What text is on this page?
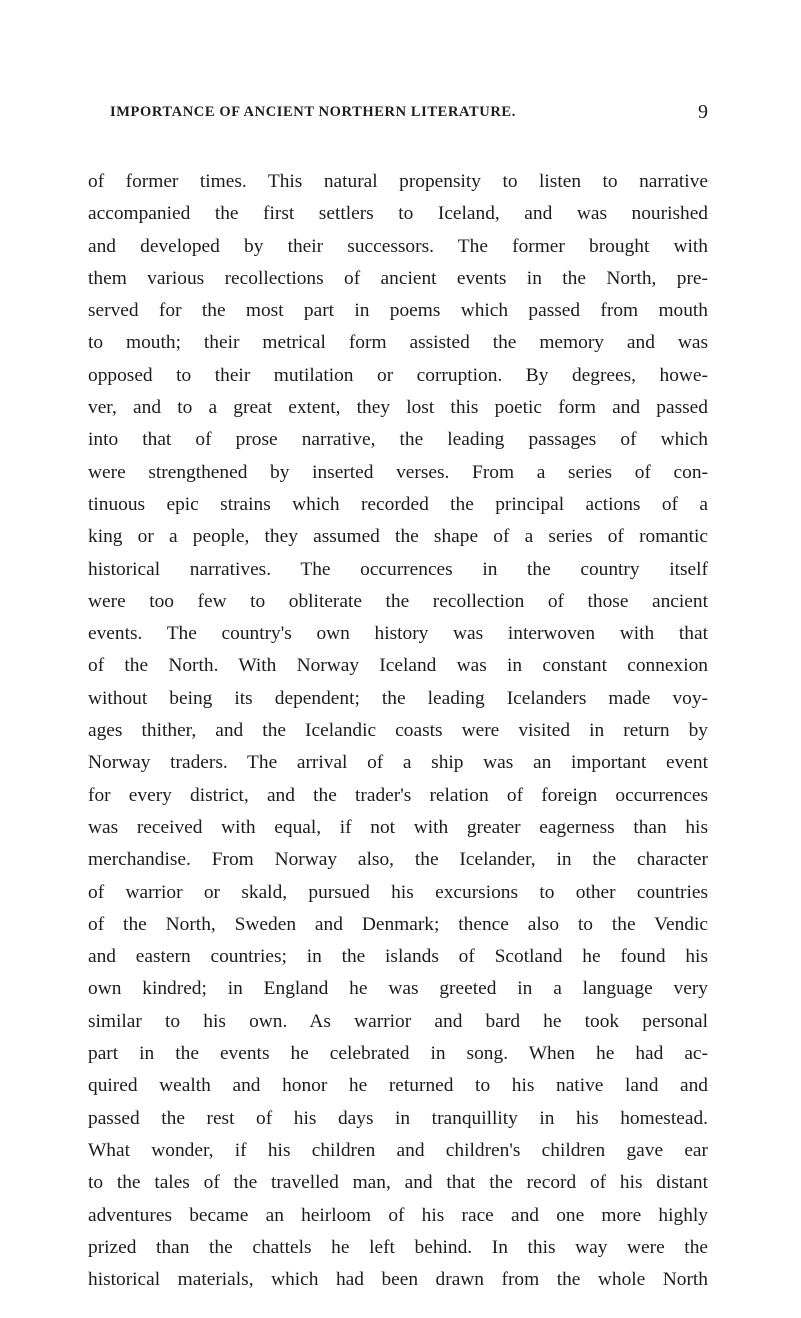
IMPORTANCE OF ANCIENT NORTHERN LITERATURE.	9
of former times. This natural propensity to listen to narrative
accompanied the first settlers to Iceland, and was nourished
and developed by their successors. The former brought with
them various recollections of ancient events in the North, pre-
served for the most part in poems which passed from mouth
to mouth; their metrical form assisted the memory and was
opposed to their mutilation or corruption. By degrees, howe-
ver, and to a great extent, they lost this poetic form and passed
into that of prose narrative, the leading passages of which
were strengthened by inserted verses. From a series of con-
tinuous epic strains which recorded the principal actions of a
king or a people, they assumed the shape of a series of romantic
historical narratives. The occurrences in the country itself
were too few to obliterate the recollection of those ancient
events. The country's own history was interwoven with that
of the North. With Norway Iceland was in constant connexion
without being its dependent; the leading Icelanders made voy-
ages thither, and the Icelandic coasts were visited in return by
Norway traders. The arrival of a ship was an important event
for every district, and the trader's relation of foreign occurrences
was received with equal, if not with greater eagerness than his
merchandise. From Norway also, the Icelander, in the character
of warrior or skald, pursued his excursions to other countries
of the North, Sweden and Denmark; thence also to the Vendic
and eastern countries; in the islands of Scotland he found his
own kindred; in England he was greeted in a language very
similar to his own. As warrior and bard he took personal
part in the events he celebrated in song. When he had ac-
quired wealth and honor he returned to his native land and
passed the rest of his days in tranquillity in his homestead.
What wonder, if his children and children's children gave ear
to the tales of the travelled man, and that the record of his distant
adventures became an heirloom of his race and one more highly
prized than the chattels he left behind. In this way were the
historical materials, which had been drawn from the whole North
